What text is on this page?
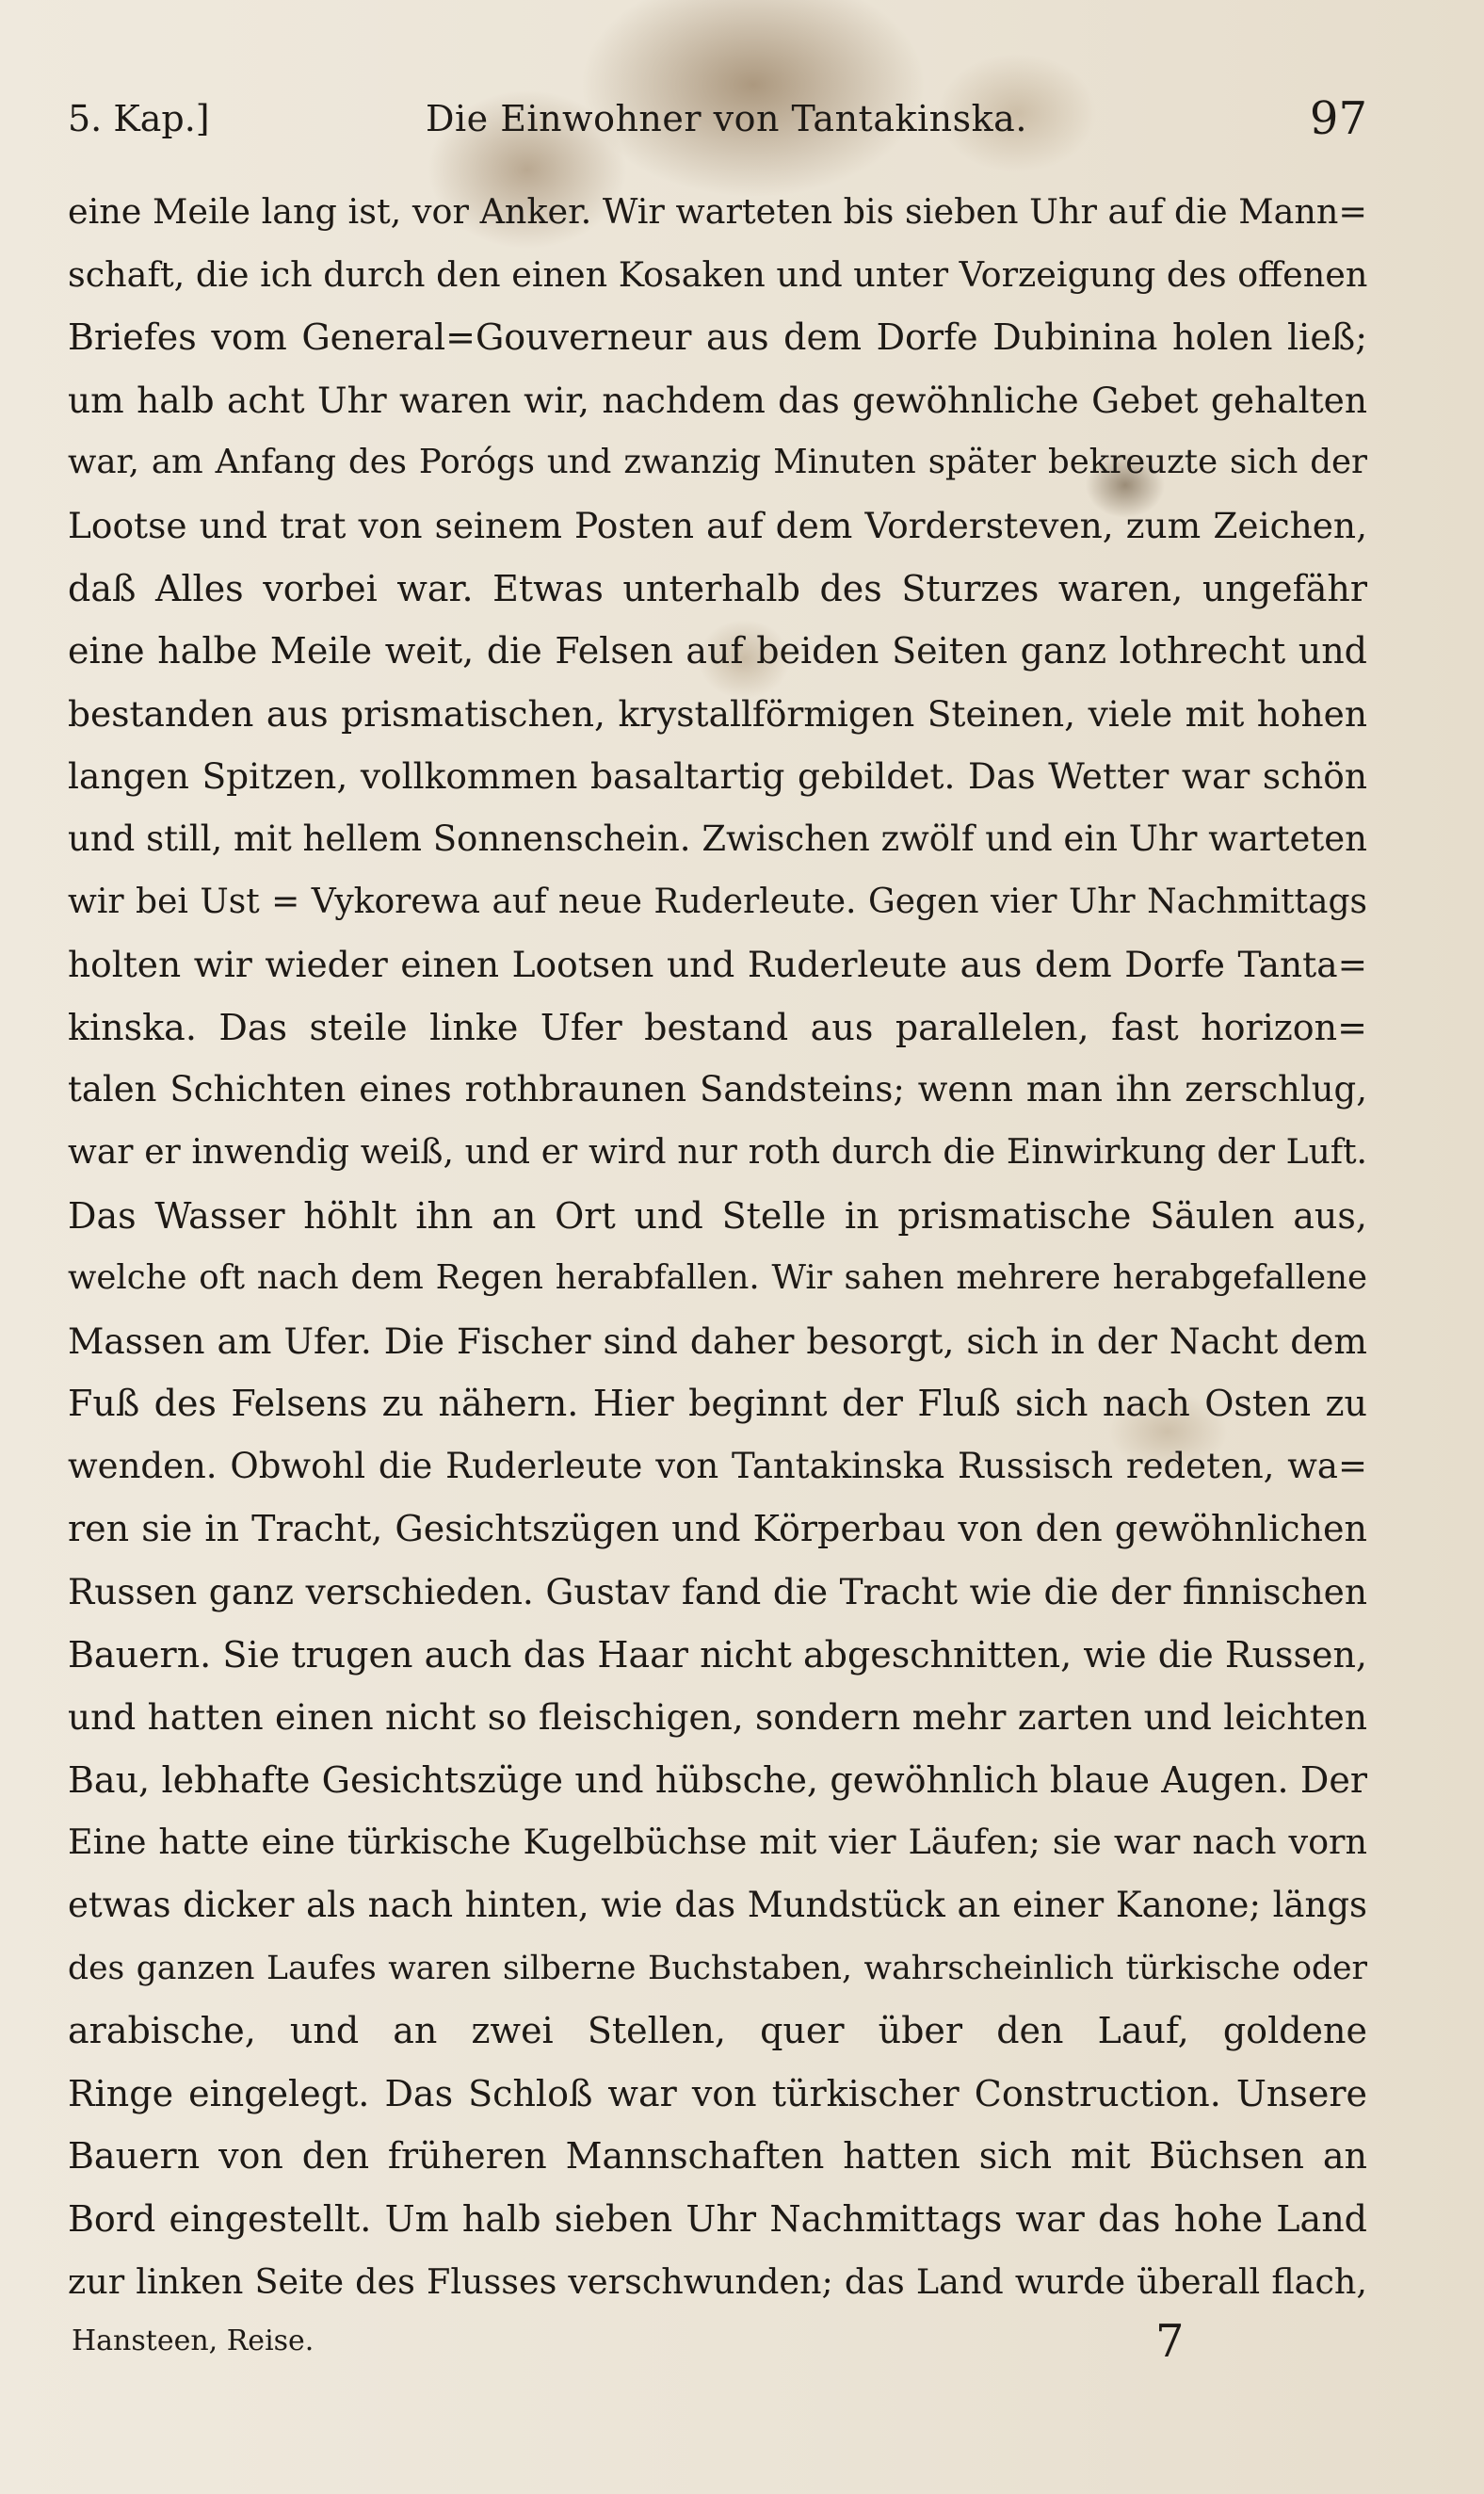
5. Kap.]	Die Einwohner von Tantakinska.	97
eine Meile lang ist, vor Anker. Wir warteten bis sieben Uhr auf die Mann=
schaft, die ich durch den einen Kosaken und unter Vorzeigung des offenen
Briefes vom General=Gouverneur aus dem Dorfe Dubinina holen ließ;
um halb acht Uhr waren wir, nachdem das gewöhnliche Gebet gehalten
war, am Anfang des Porógs und zwanzig Minuten später bekreuzte sich der
Lootse und trat von seinem Posten auf dem Vordersteven, zum Zeichen,
daß Alles vorbei war. Etwas unterhalb des Sturzes waren, ungefähr
eine halbe Meile weit, die Felsen auf beiden Seiten ganz lothrecht und
bestanden aus prismatischen, krystallförmigen Steinen, viele mit hohen
langen Spitzen, vollkommen basaltartig gebildet. Das Wetter war schön
und still, mit hellem Sonnenschein. Zwischen zwölf und ein Uhr warteten
wir bei Ust = Vykorewa auf neue Ruderleute. Gegen vier Uhr Nachmittags
holten wir wieder einen Lootsen und Ruderleute aus dem Dorfe Tanta=
kinska. Das steile linke Ufer bestand aus parallelen, fast horizon=
talen Schichten eines rothbraunen Sandsteins; wenn man ihn zerschlug,
war er inwendig weiß, und er wird nur roth durch die Einwirkung der Luft.
Das Wasser höhlt ihn an Ort und Stelle in prismatische Säulen aus,
welche oft nach dem Regen herabfallen. Wir sahen mehrere herabgefallene
Massen am Ufer. Die Fischer sind daher besorgt, sich in der Nacht dem
Fuß des Felsens zu nähern. Hier beginnt der Fluß sich nach Osten zu
wenden. Obwohl die Ruderleute von Tantakinska Russisch redeten, wa=
ren sie in Tracht, Gesichtszügen und Körperbau von den gewöhnlichen
Russen ganz verschieden. Gustav fand die Tracht wie die der finnischen
Bauern. Sie trugen auch das Haar nicht abgeschnitten, wie die Russen,
und hatten einen nicht so fleischigen, sondern mehr zarten und leichten
Bau, lebhafte Gesichtszüge und hübsche, gewöhnlich blaue Augen. Der
Eine hatte eine türkische Kugelbüchse mit vier Läufen; sie war nach vorn
etwas dicker als nach hinten, wie das Mundstück an einer Kanone; längs
des ganzen Laufes waren silberne Buchstaben, wahrscheinlich türkische oder
arabische, und an zwei Stellen, quer über den Lauf, goldene
Ringe eingelegt. Das Schloß war von türkischer Construction. Unsere
Bauern von den früheren Mannschaften hatten sich mit Büchsen an
Bord eingestellt. Um halb sieben Uhr Nachmittags war das hohe Land
zur linken Seite des Flusses verschwunden; das Land wurde überall flach,
Hansteen, Reise.	7
